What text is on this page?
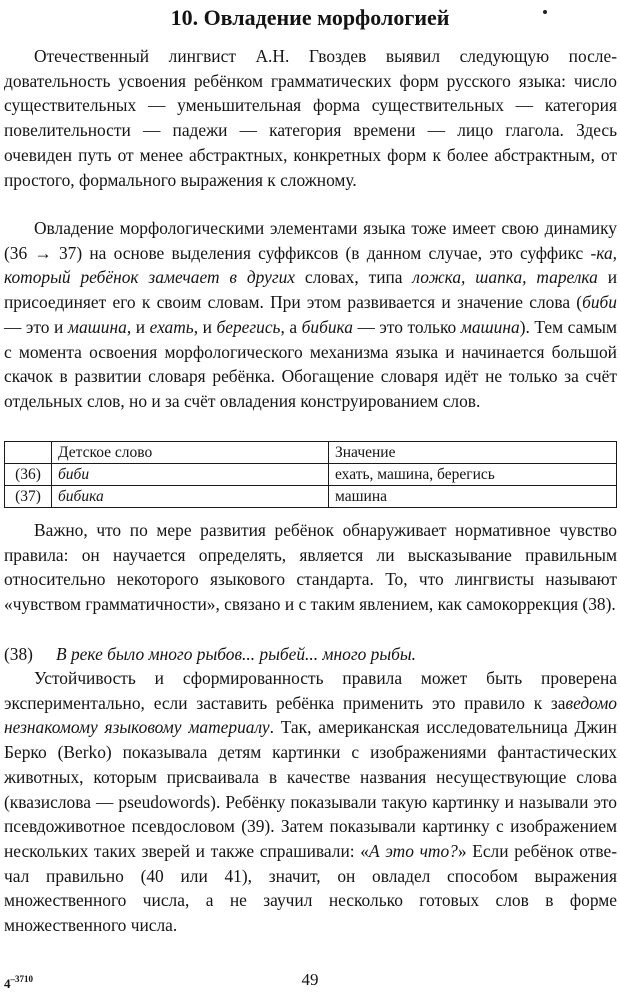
10. Овладение морфологией

Отечественный лингвист А.Н. Гвоздев выявил следующую последовательность усвоения ребёнком грамматических форм русского языка: число существительных — уменьшительная форма существительных — категория повелительности — падежи — категория времени — лицо глагола. Здесь очевиден путь от менее абстрактных, конкретных форм к более абстрактным, от простого, формального выражения к сложному.

Овладение морфологическими элементами языка тоже имеет свою динамику (36 → 37) на основе выделения суффиксов (в данном случае, это суффикс -ка, который ребёнок замечает в других словах, типа ложка, шапка, тарелка и присоединяет его к своим словам. При этом развивается и значение слова (биби — это и машина, и ехать, и берегись, а бибика — это только машина). Тем самым с момента освоения морфологического механизма языка и начинается большой скачок в развитии словаря ребёнка. Обогащение словаря идёт не только за счёт отдельных слов, но и за счёт овладения конструированием слов.

	Детское слово	Значение
(36)	биби	ехать, машина, берегись
(37)	бибика	машина

Важно, что по мере развития ребёнок обнаруживает нормативное чувство правила: он научается определять, является ли высказывание правильным относительно некоторого языкового стандарта. То, что лингвисты называют «чувством грамматичности», связано и с таким явлением, как самокоррекция (38).

(38) В реке было много рыбов... рыбей... много рыбы.

Устойчивость и сформированность правила может быть проверена экспериментально, если заставить ребёнка применить это правило к заведомо незнакомому языковому материалу. Так, американская исследовательница Джин Берко (Berko) показывала детям картинки с изображениями фантастических животных, которым присваивала в качестве названия несуществующие слова (квазислова — pseudowords). Ребёнку показывали такую картинку и называли это псевдоживотное псевдословом (39). Затем показывали картинку с изображением нескольких таких зверей и также спрашивали: «А это что?» Если ребёнок отвечал правильно (40 или 41), значит, он овладел способом выражения множественного числа, а не заучил несколько готовых слов в форме множественного числа.

$4^{-3710}$	49
